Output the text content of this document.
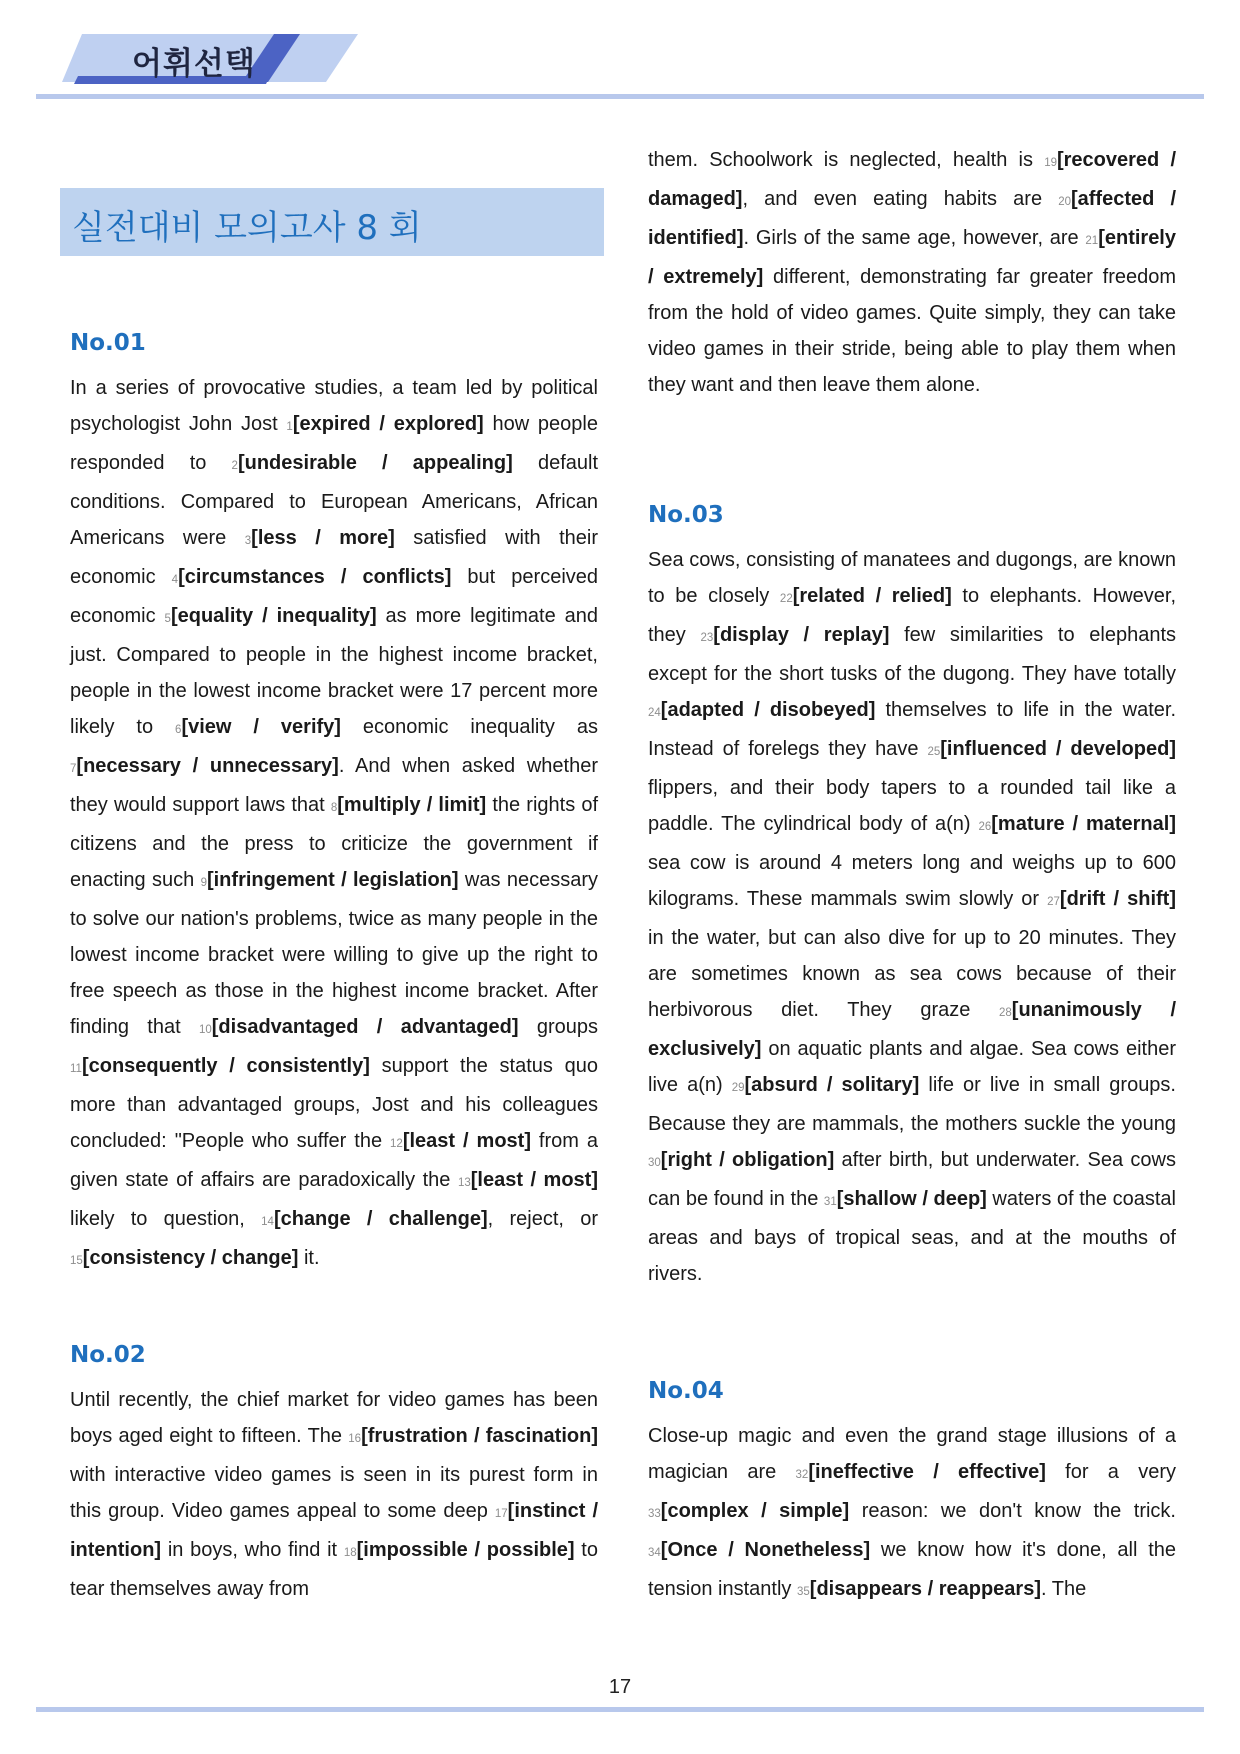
어휘선택
실전대비 모의고사 8 회
No.01

In a series of provocative studies, a team led by political psychologist John Jost 1[expired / explored] how people responded to 2[undesirable / appealing] default conditions. Compared to European Americans, African Americans were 3[less / more] satisfied with their economic 4[circumstances / conflicts] but perceived economic 5[equality / inequality] as more legitimate and just. Compared to people in the highest income bracket, people in the lowest income bracket were 17 percent more likely to 6[view / verify] economic inequality as 7[necessary / unnecessary]. And when asked whether they would support laws that 8[multiply / limit] the rights of citizens and the press to criticize the government if enacting such 9[infringement / legislation] was necessary to solve our nation's problems, twice as many people in the lowest income bracket were willing to give up the right to free speech as those in the highest income bracket. After finding that 10[disadvantaged / advantaged] groups 11[consequently / consistently] support the status quo more than advantaged groups, Jost and his colleagues concluded: "People who suffer the 12[least / most] from a given state of affairs are paradoxically the 13[least / most] likely to question, 14[change / challenge], reject, or 15[consistency / change] it.

No.02

Until recently, the chief market for video games has been boys aged eight to fifteen. The 16[frustration / fascination] with interactive video games is seen in its purest form in this group. Video games appeal to some deep 17[instinct / intention] in boys, who find it 18[impossible / possible] to tear themselves away from

them. Schoolwork is neglected, health is 19[recovered / damaged], and even eating habits are 20[affected / identified]. Girls of the same age, however, are 21[entirely / extremely] different, demonstrating far greater freedom from the hold of video games. Quite simply, they can take video games in their stride, being able to play them when they want and then leave them alone.

No.03

Sea cows, consisting of manatees and dugongs, are known to be closely 22[related / relied] to elephants. However, they 23[display / replay] few similarities to elephants except for the short tusks of the dugong. They have totally 24[adapted / disobeyed] themselves to life in the water. Instead of forelegs they have 25[influenced / developed] flippers, and their body tapers to a rounded tail like a paddle. The cylindrical body of a(n) 26[mature / maternal] sea cow is around 4 meters long and weighs up to 600 kilograms. These mammals swim slowly or 27[drift / shift] in the water, but can also dive for up to 20 minutes. They are sometimes known as sea cows because of their herbivorous diet. They graze 28[unanimously / exclusively] on aquatic plants and algae. Sea cows either live a(n) 29[absurd / solitary] life or live in small groups. Because they are mammals, the mothers suckle the young 30[right / obligation] after birth, but underwater. Sea cows can be found in the 31[shallow / deep] waters of the coastal areas and bays of tropical seas, and at the mouths of rivers.

No.04

Close-up magic and even the grand stage illusions of a magician are 32[ineffective / effective] for a very 33[complex / simple] reason: we don't know the trick. 34[Once / Nonetheless] we know how it's done, all the tension instantly 35[disappears / reappears]. The

17
